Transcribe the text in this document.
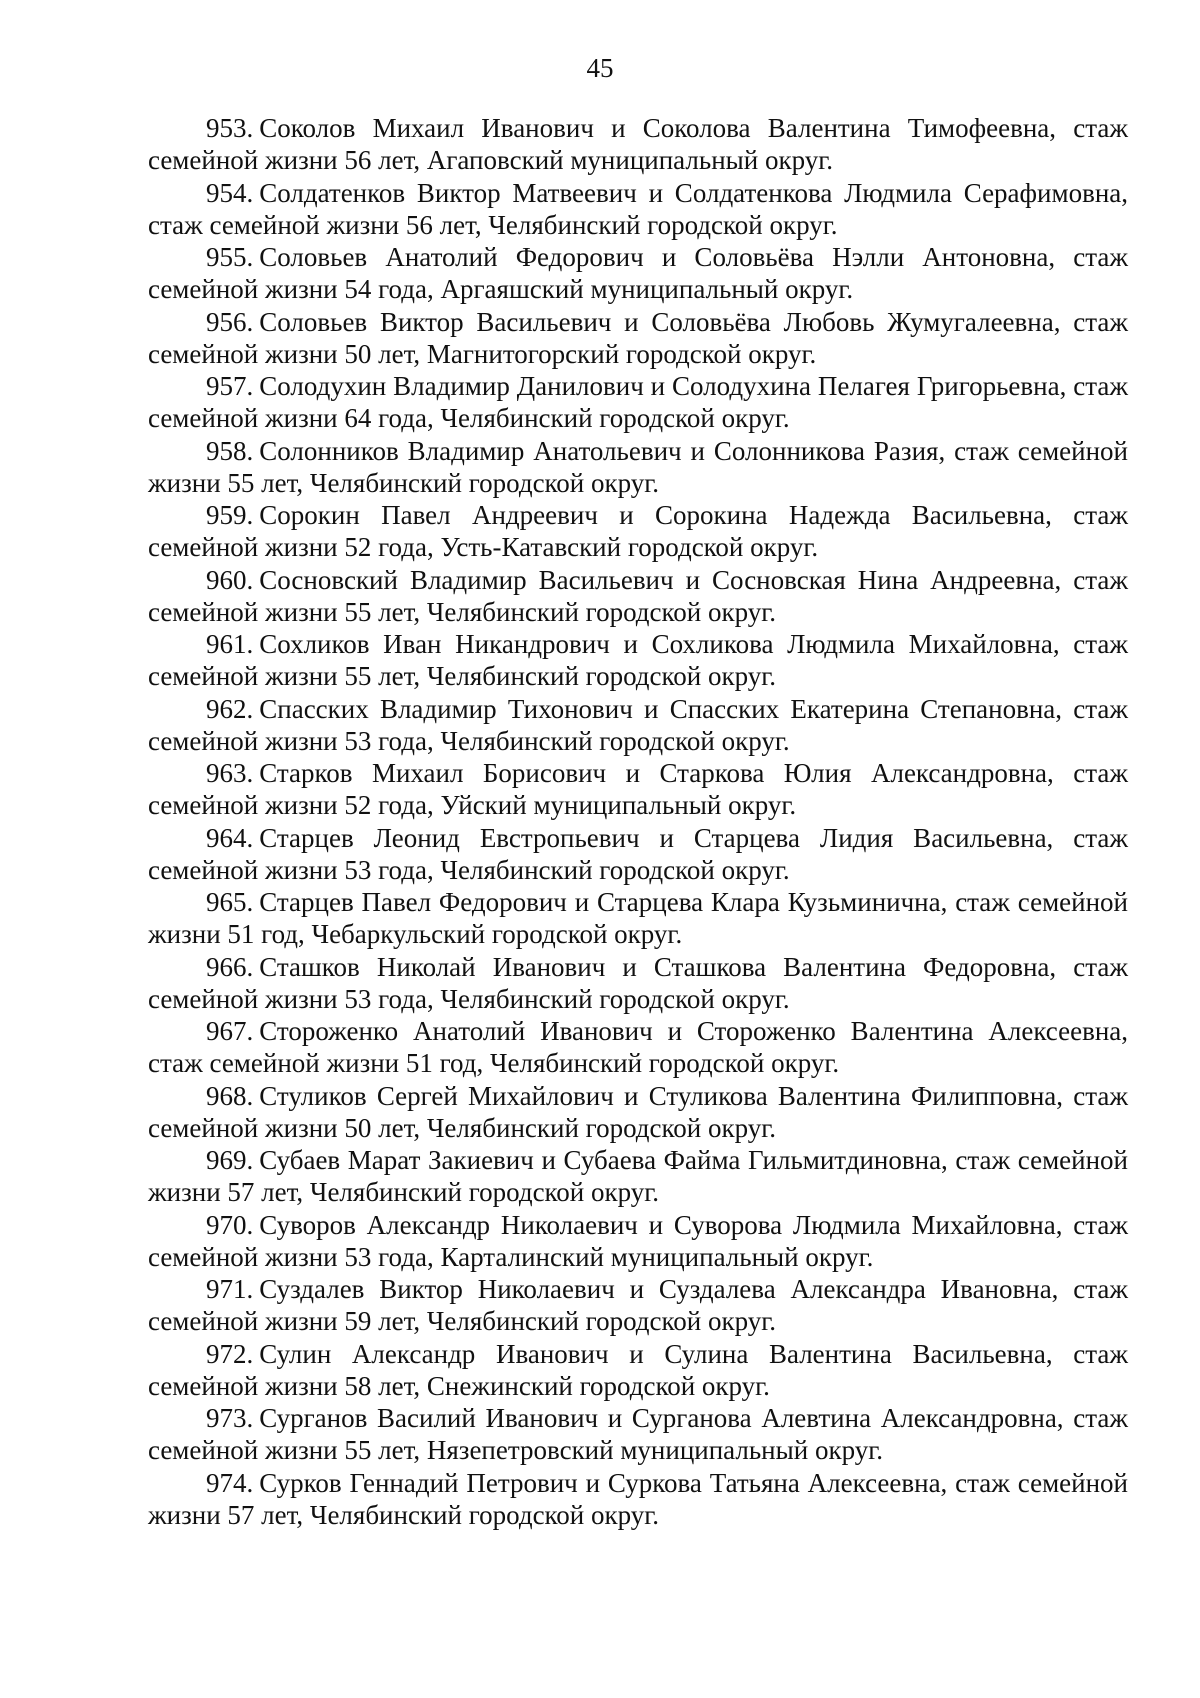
45

953. Соколов Михаил Иванович и Соколова Валентина Тимофеевна, стаж семейной жизни 56 лет, Агаповский муниципальный округ.

954. Солдатенков Виктор Матвеевич и Солдатенкова Людмила Серафимовна, стаж семейной жизни 56 лет, Челябинский городской округ.

955. Соловьев Анатолий Федорович и Соловьёва Нэлли Антоновна, стаж семейной жизни 54 года, Аргаяшский муниципальный округ.

956. Соловьев Виктор Васильевич и Соловьёва Любовь Жумугалеевна, стаж семейной жизни 50 лет, Магнитогорский городской округ.

957. Солодухин Владимир Данилович и Солодухина Пелагея Григорьевна, стаж семейной жизни 64 года, Челябинский городской округ.

958. Солонников Владимир Анатольевич и Солонникова Разия, стаж семейной жизни 55 лет, Челябинский городской округ.

959. Сорокин Павел Андреевич и Сорокина Надежда Васильевна, стаж семейной жизни 52 года, Усть-Катавский городской округ.

960. Сосновский Владимир Васильевич и Сосновская Нина Андреевна, стаж семейной жизни 55 лет, Челябинский городской округ.

961. Сохликов Иван Никандрович и Сохликова Людмила Михайловна, стаж семейной жизни 55 лет, Челябинский городской округ.

962. Спасских Владимир Тихонович и Спасских Екатерина Степановна, стаж семейной жизни 53 года, Челябинский городской округ.

963. Старков Михаил Борисович и Старкова Юлия Александровна, стаж семейной жизни 52 года, Уйский муниципальный округ.

964. Старцев Леонид Евстропьевич и Старцева Лидия Васильевна, стаж семейной жизни 53 года, Челябинский городской округ.

965. Старцев Павел Федорович и Старцева Клара Кузьминична, стаж семейной жизни 51 год, Чебаркульский городской округ.

966. Сташков Николай Иванович и Сташкова Валентина Федоровна, стаж семейной жизни 53 года, Челябинский городской округ.

967. Стороженко Анатолий Иванович и Стороженко Валентина Алексеевна, стаж семейной жизни 51 год, Челябинский городской округ.

968. Стуликов Сергей Михайлович и Стуликова Валентина Филипповна, стаж семейной жизни 50 лет, Челябинский городской округ.

969. Субаев Марат Закиевич и Субаева Файма Гильмитдиновна, стаж семейной жизни 57 лет, Челябинский городской округ.

970. Суворов Александр Николаевич и Суворова Людмила Михайловна, стаж семейной жизни 53 года, Карталинский муниципальный округ.

971. Суздалев Виктор Николаевич и Суздалева Александра Ивановна, стаж семейной жизни 59 лет, Челябинский городской округ.

972. Сулин Александр Иванович и Сулина Валентина Васильевна, стаж семейной жизни 58 лет, Снежинский городской округ.

973. Сурганов Василий Иванович и Сурганова Алевтина Александровна, стаж семейной жизни 55 лет, Нязепетровский муниципальный округ.

974. Сурков Геннадий Петрович и Суркова Татьяна Алексеевна, стаж семейной жизни 57 лет, Челябинский городской округ.
